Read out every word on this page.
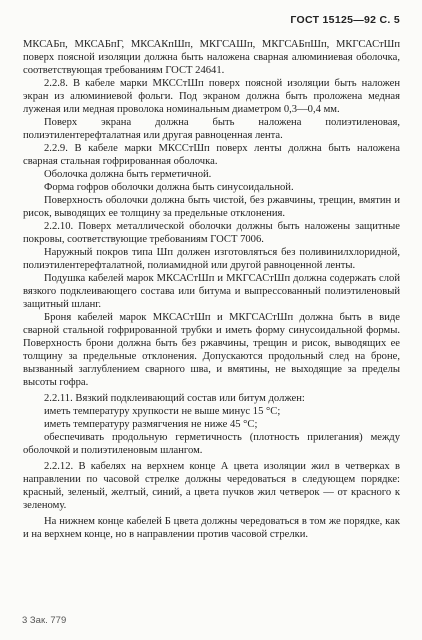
ГОСТ 15125—92 С. 5

МКСАБп, МКСАБпГ, МКСАКпШп, МКГСАШп, МКГСАБпШп, МКГСАСтШп поверх поясной изоляции должна быть наложена сварная алюминиевая оболочка, соответствующая требованиям ГОСТ 24641.

2.2.8. В кабеле марки МКССтШп поверх поясной изоляции быть наложен экран из алюминиевой фольги. Под экраном должна быть проложена медная луженая или медная проволока номинальным диаметром 0,3—0,4 мм.

Поверх экрана должна быть наложена полиэтиленовая, полиэтилентерефталатная или другая равноценная лента.

2.2.9. В кабеле марки МКССтШп поверх ленты должна быть наложена сварная стальная гофрированная оболочка.

Оболочка должна быть герметичной.

Форма гофров оболочки должна быть синусоидальной.

Поверхность оболочки должна быть чистой, без ржавчины, трещин, вмятин и рисок, выводящих ее толщину за предельные отклонения.

2.2.10. Поверх металлической оболочки должны быть наложены защитные покровы, соответствующие требованиям ГОСТ 7006.

Наружный покров типа Шп должен изготовляться без поливинилхлоридной, полиэтилентерефталатной, полиамидной или другой равноценной ленты.

Подушка кабелей марок МКСАСтШп и МКГСАСтШп должна содержать слой вязкого подклеивающего состава или битума и выпрессованный полиэтиленовый защитный шланг.

Броня кабелей марок МКСАСтШп и МКГСАСтШп должна быть в виде сварной стальной гофрированной трубки и иметь форму синусоидальной формы. Поверхность брони должна быть без ржавчины, трещин и рисок, выводящих ее толщину за предельные отклонения. Допускаются продольный след на броне, вызванный заглублением сварного шва, и вмятины, не выходящие за пределы высоты гофра.

2.2.11. Вязкий подклеивающий состав или битум должен:

иметь температуру хрупкости не выше минус 15 °С;

иметь температуру размягчения не ниже 45 °С;

обеспечивать продольную герметичность (плотность прилегания) между оболочкой и полиэтиленовым шлангом.

2.2.12. В кабелях на верхнем конце А цвета изоляции жил в четверках в направлении по часовой стрелке должны чередоваться в следующем порядке: красный, зеленый, желтый, синий, а цвета пучков жил четверок — от красного к зеленому.

На нижнем конце кабелей Б цвета должны чередоваться в том же порядке, как и на верхнем конце, но в направлении против часовой стрелки.

3 Зак. 779
